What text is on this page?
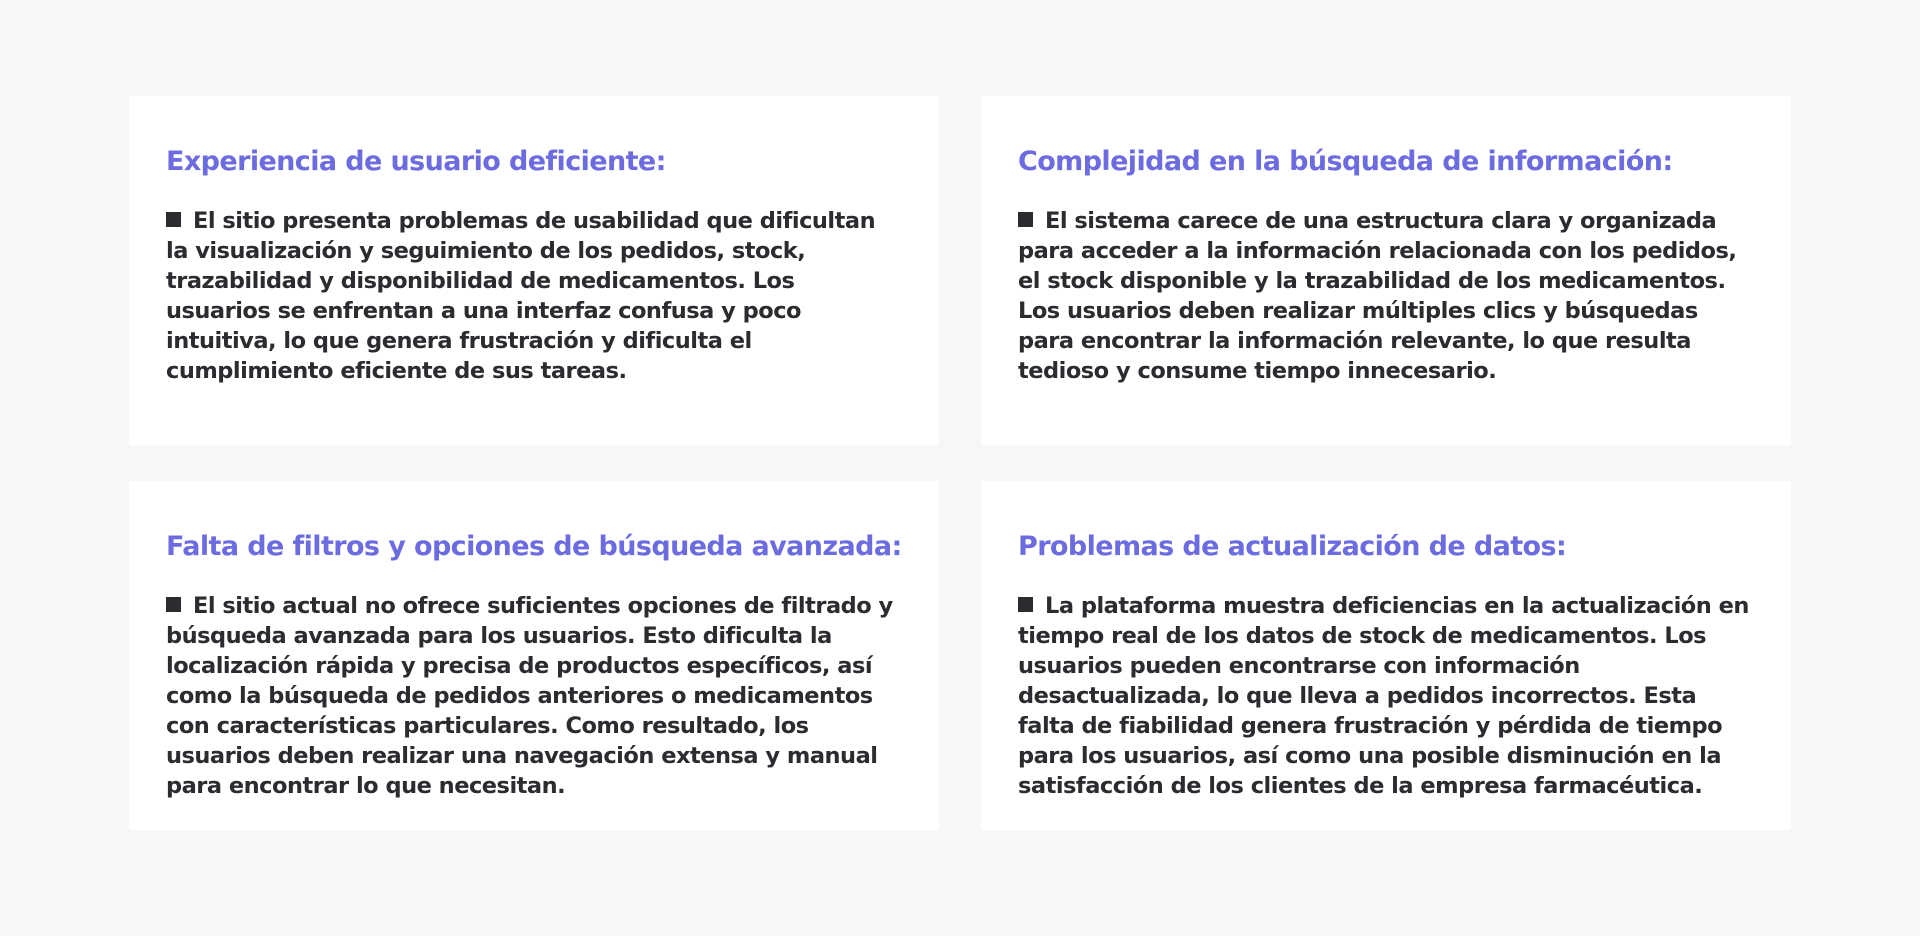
Experiencia de usuario deficiente:

El sitio presenta problemas de usabilidad que dificultan la visualización y seguimiento de los pedidos, stock, trazabilidad y disponibilidad de medicamentos. Los usuarios se enfrentan a una interfaz confusa y poco intuitiva, lo que genera frustración y dificulta el cumplimiento eficiente de sus tareas.

Complejidad en la búsqueda de información:

El sistema carece de una estructura clara y organizada para acceder a la información relacionada con los pedidos, el stock disponible y la trazabilidad de los medicamentos. Los usuarios deben realizar múltiples clics y búsquedas para encontrar la información relevante, lo que resulta tedioso y consume tiempo innecesario.

Falta de filtros y opciones de búsqueda avanzada:

El sitio actual no ofrece suficientes opciones de filtrado y búsqueda avanzada para los usuarios. Esto dificulta la localización rápida y precisa de productos específicos, así como la búsqueda de pedidos anteriores o medicamentos con características particulares. Como resultado, los usuarios deben realizar una navegación extensa y manual para encontrar lo que necesitan.

Problemas de actualización de datos:

La plataforma muestra deficiencias en la actualización en tiempo real de los datos de stock de medicamentos. Los usuarios pueden encontrarse con información desactualizada, lo que lleva a pedidos incorrectos. Esta falta de fiabilidad genera frustración y pérdida de tiempo para los usuarios, así como una posible disminución en la satisfacción de los clientes de la empresa farmacéutica.
